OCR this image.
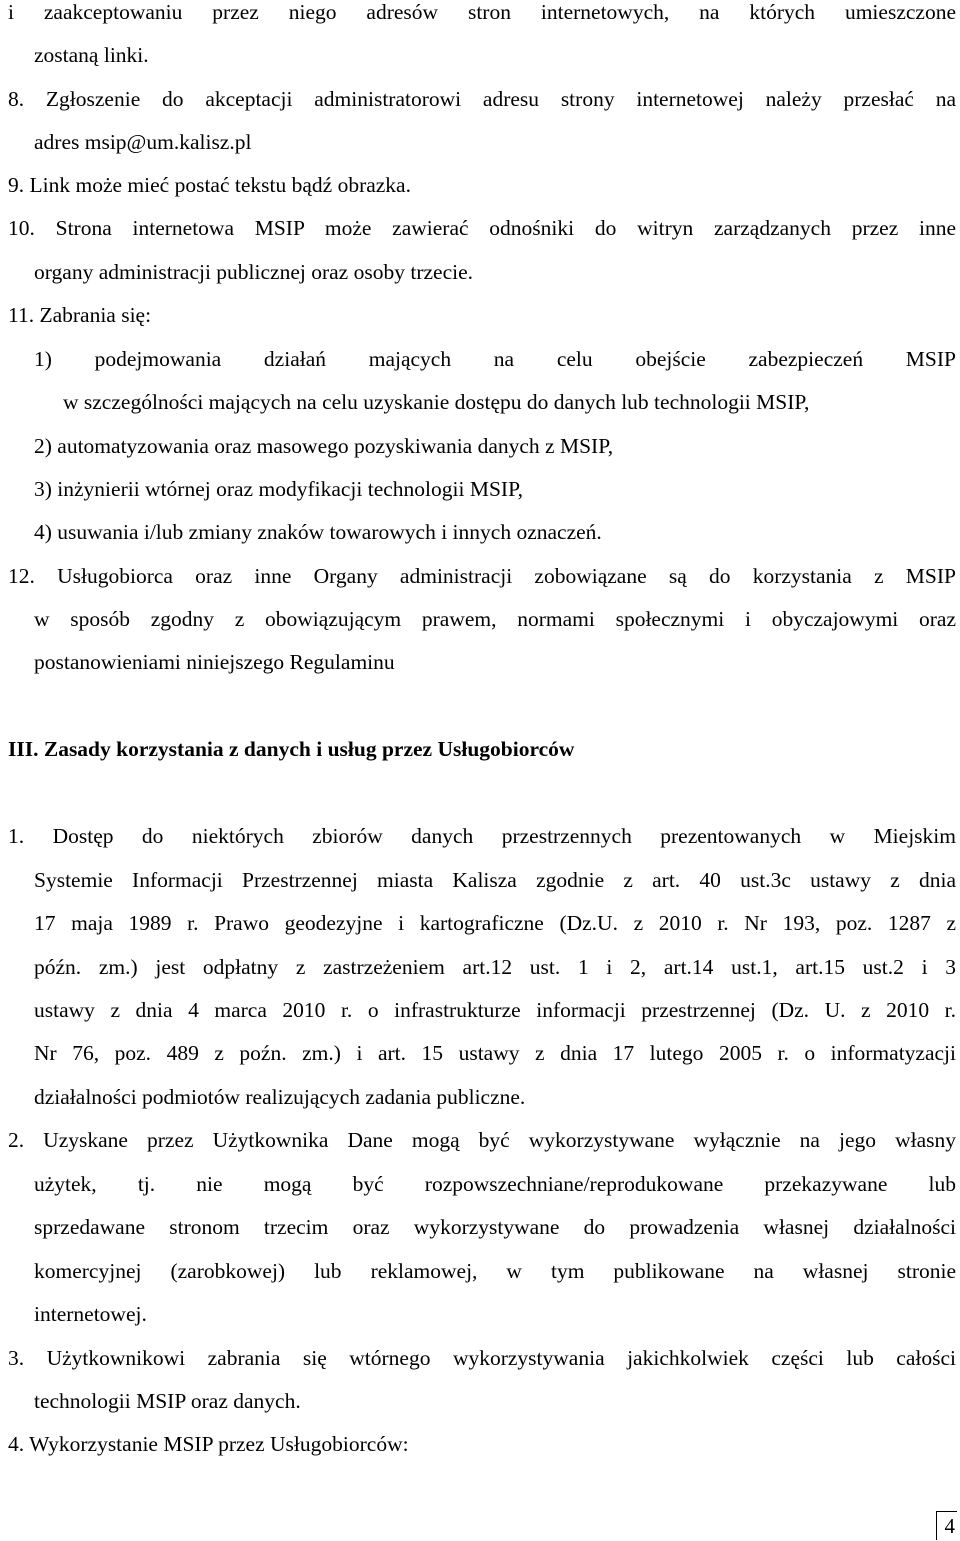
i zaakceptowaniu przez niego adresów stron internetowych, na których umieszczone
zostaną linki.
8. Zgłoszenie do akceptacji administratorowi adresu strony internetowej należy przesłać na
adres msip@um.kalisz.pl
9. Link może mieć postać tekstu bądź obrazka.
10. Strona internetowa MSIP może zawierać odnośniki do witryn zarządzanych przez inne
organy administracji publicznej oraz osoby trzecie.
11. Zabrania się:
1) podejmowania działań mających na celu obejście zabezpieczeń MSIP
w szczególności mających na celu uzyskanie dostępu do danych lub technologii MSIP,
2) automatyzowania oraz masowego pozyskiwania danych z MSIP,
3) inżynierii wtórnej oraz modyfikacji technologii MSIP,
4) usuwania i/lub zmiany znaków towarowych i innych oznaczeń.
12. Usługobiorca oraz inne Organy administracji zobowiązane są do korzystania z MSIP
w sposób zgodny z obowiązującym prawem, normami społecznymi i obyczajowymi oraz
postanowieniami niniejszego Regulaminu
III. Zasady korzystania z danych i usług przez Usługobiorców
1. Dostęp do niektórych zbiorów danych przestrzennych prezentowanych w Miejskim
Systemie Informacji Przestrzennej miasta Kalisza zgodnie z art. 40 ust.3c ustawy z dnia
17 maja 1989 r. Prawo geodezyjne i kartograficzne (Dz.U. z 2010 r. Nr 193, poz. 1287 z
późn. zm.) jest odpłatny z zastrzeżeniem art.12 ust. 1 i 2, art.14 ust.1, art.15 ust.2 i 3
ustawy z dnia 4 marca 2010 r. o infrastrukturze informacji przestrzennej (Dz. U. z 2010 r.
Nr 76, poz. 489 z poźn. zm.) i art. 15 ustawy z dnia 17 lutego 2005 r. o informatyzacji
działalności podmiotów realizujących zadania publiczne.
2. Uzyskane przez Użytkownika Dane mogą być wykorzystywane wyłącznie na jego własny
użytek, tj. nie mogą być rozpowszechniane/reprodukowane przekazywane lub
sprzedawane stronom trzecim oraz wykorzystywane do prowadzenia własnej działalności
komercyjnej (zarobkowej) lub reklamowej, w tym publikowane na własnej stronie
internetowej.
3. Użytkownikowi zabrania się wtórnego wykorzystywania jakichkolwiek części lub całości
technologii MSIP oraz danych.
4. Wykorzystanie MSIP przez Usługobiorców:
4
